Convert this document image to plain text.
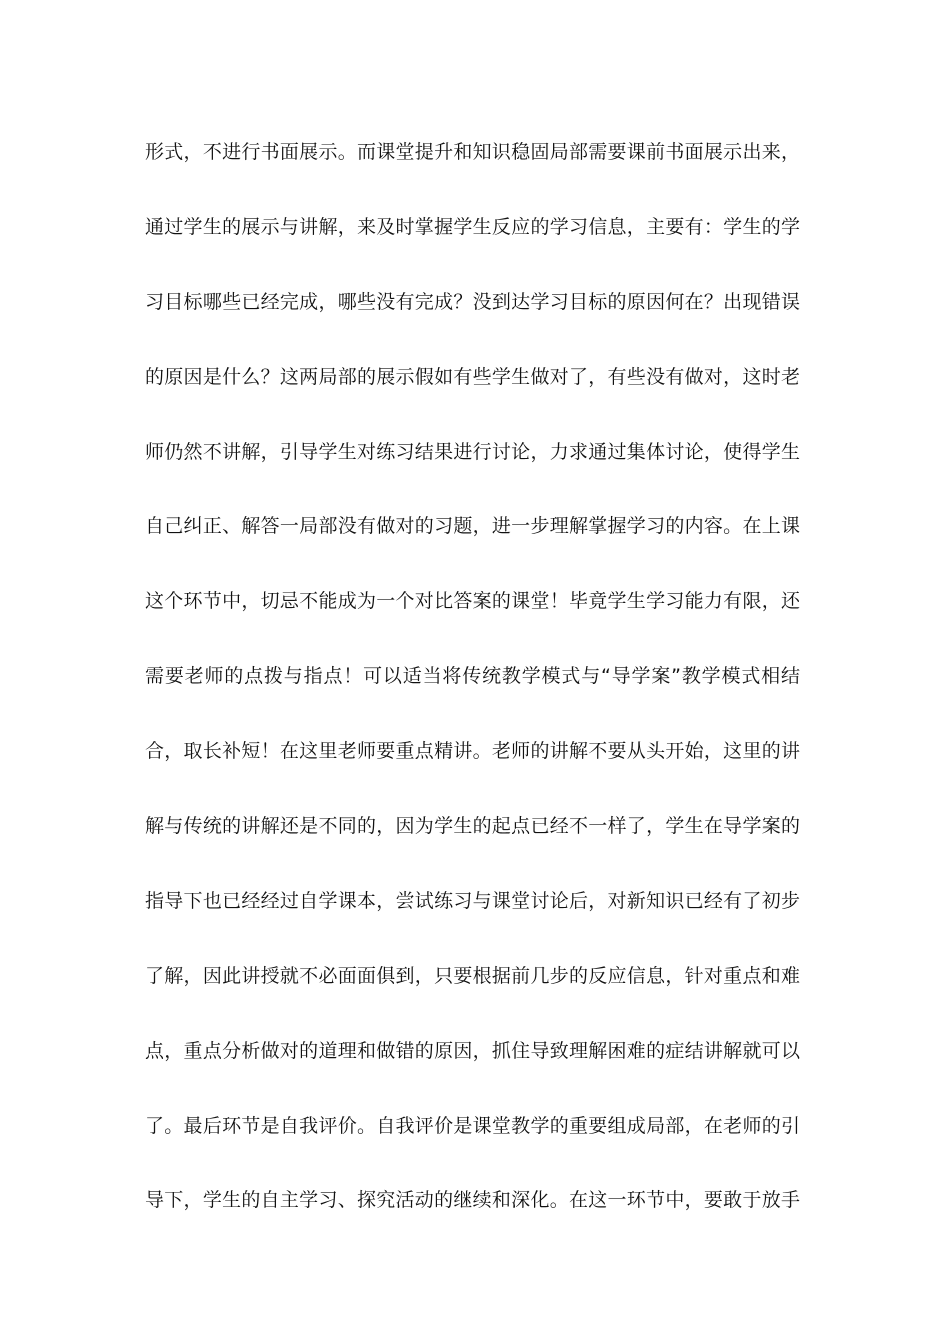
形式，不进行书面展示。而课堂提升和知识稳固局部需要课前书面展示出来，
通过学生的展示与讲解，来及时掌握学生反应的学习信息，主要有：学生的学
习目标哪些已经完成，哪些没有完成？没到达学习目标的原因何在？出现错误
的原因是什么？这两局部的展示假如有些学生做对了，有些没有做对，这时老
师仍然不讲解，引导学生对练习结果进行讨论，力求通过集体讨论，使得学生
自己纠正、解答一局部没有做对的习题，进一步理解掌握学习的内容。在上课
这个环节中，切忌不能成为一个对比答案的课堂！毕竟学生学习能力有限，还
需要老师的点拨与指点！可以适当将传统教学模式与“导学案”教学模式相结
合，取长补短！在这里老师要重点精讲。老师的讲解不要从头开始，这里的讲
解与传统的讲解还是不同的，因为学生的起点已经不一样了，学生在导学案的
指导下也已经经过自学课本，尝试练习与课堂讨论后，对新知识已经有了初步
了解，因此讲授就不必面面俱到，只要根据前几步的反应信息，针对重点和难
点，重点分析做对的道理和做错的原因，抓住导致理解困难的症结讲解就可以
了。最后环节是自我评价。自我评价是课堂教学的重要组成局部，在老师的引
导下，学生的自主学习、探究活动的继续和深化。在这一环节中，要敢于放手
